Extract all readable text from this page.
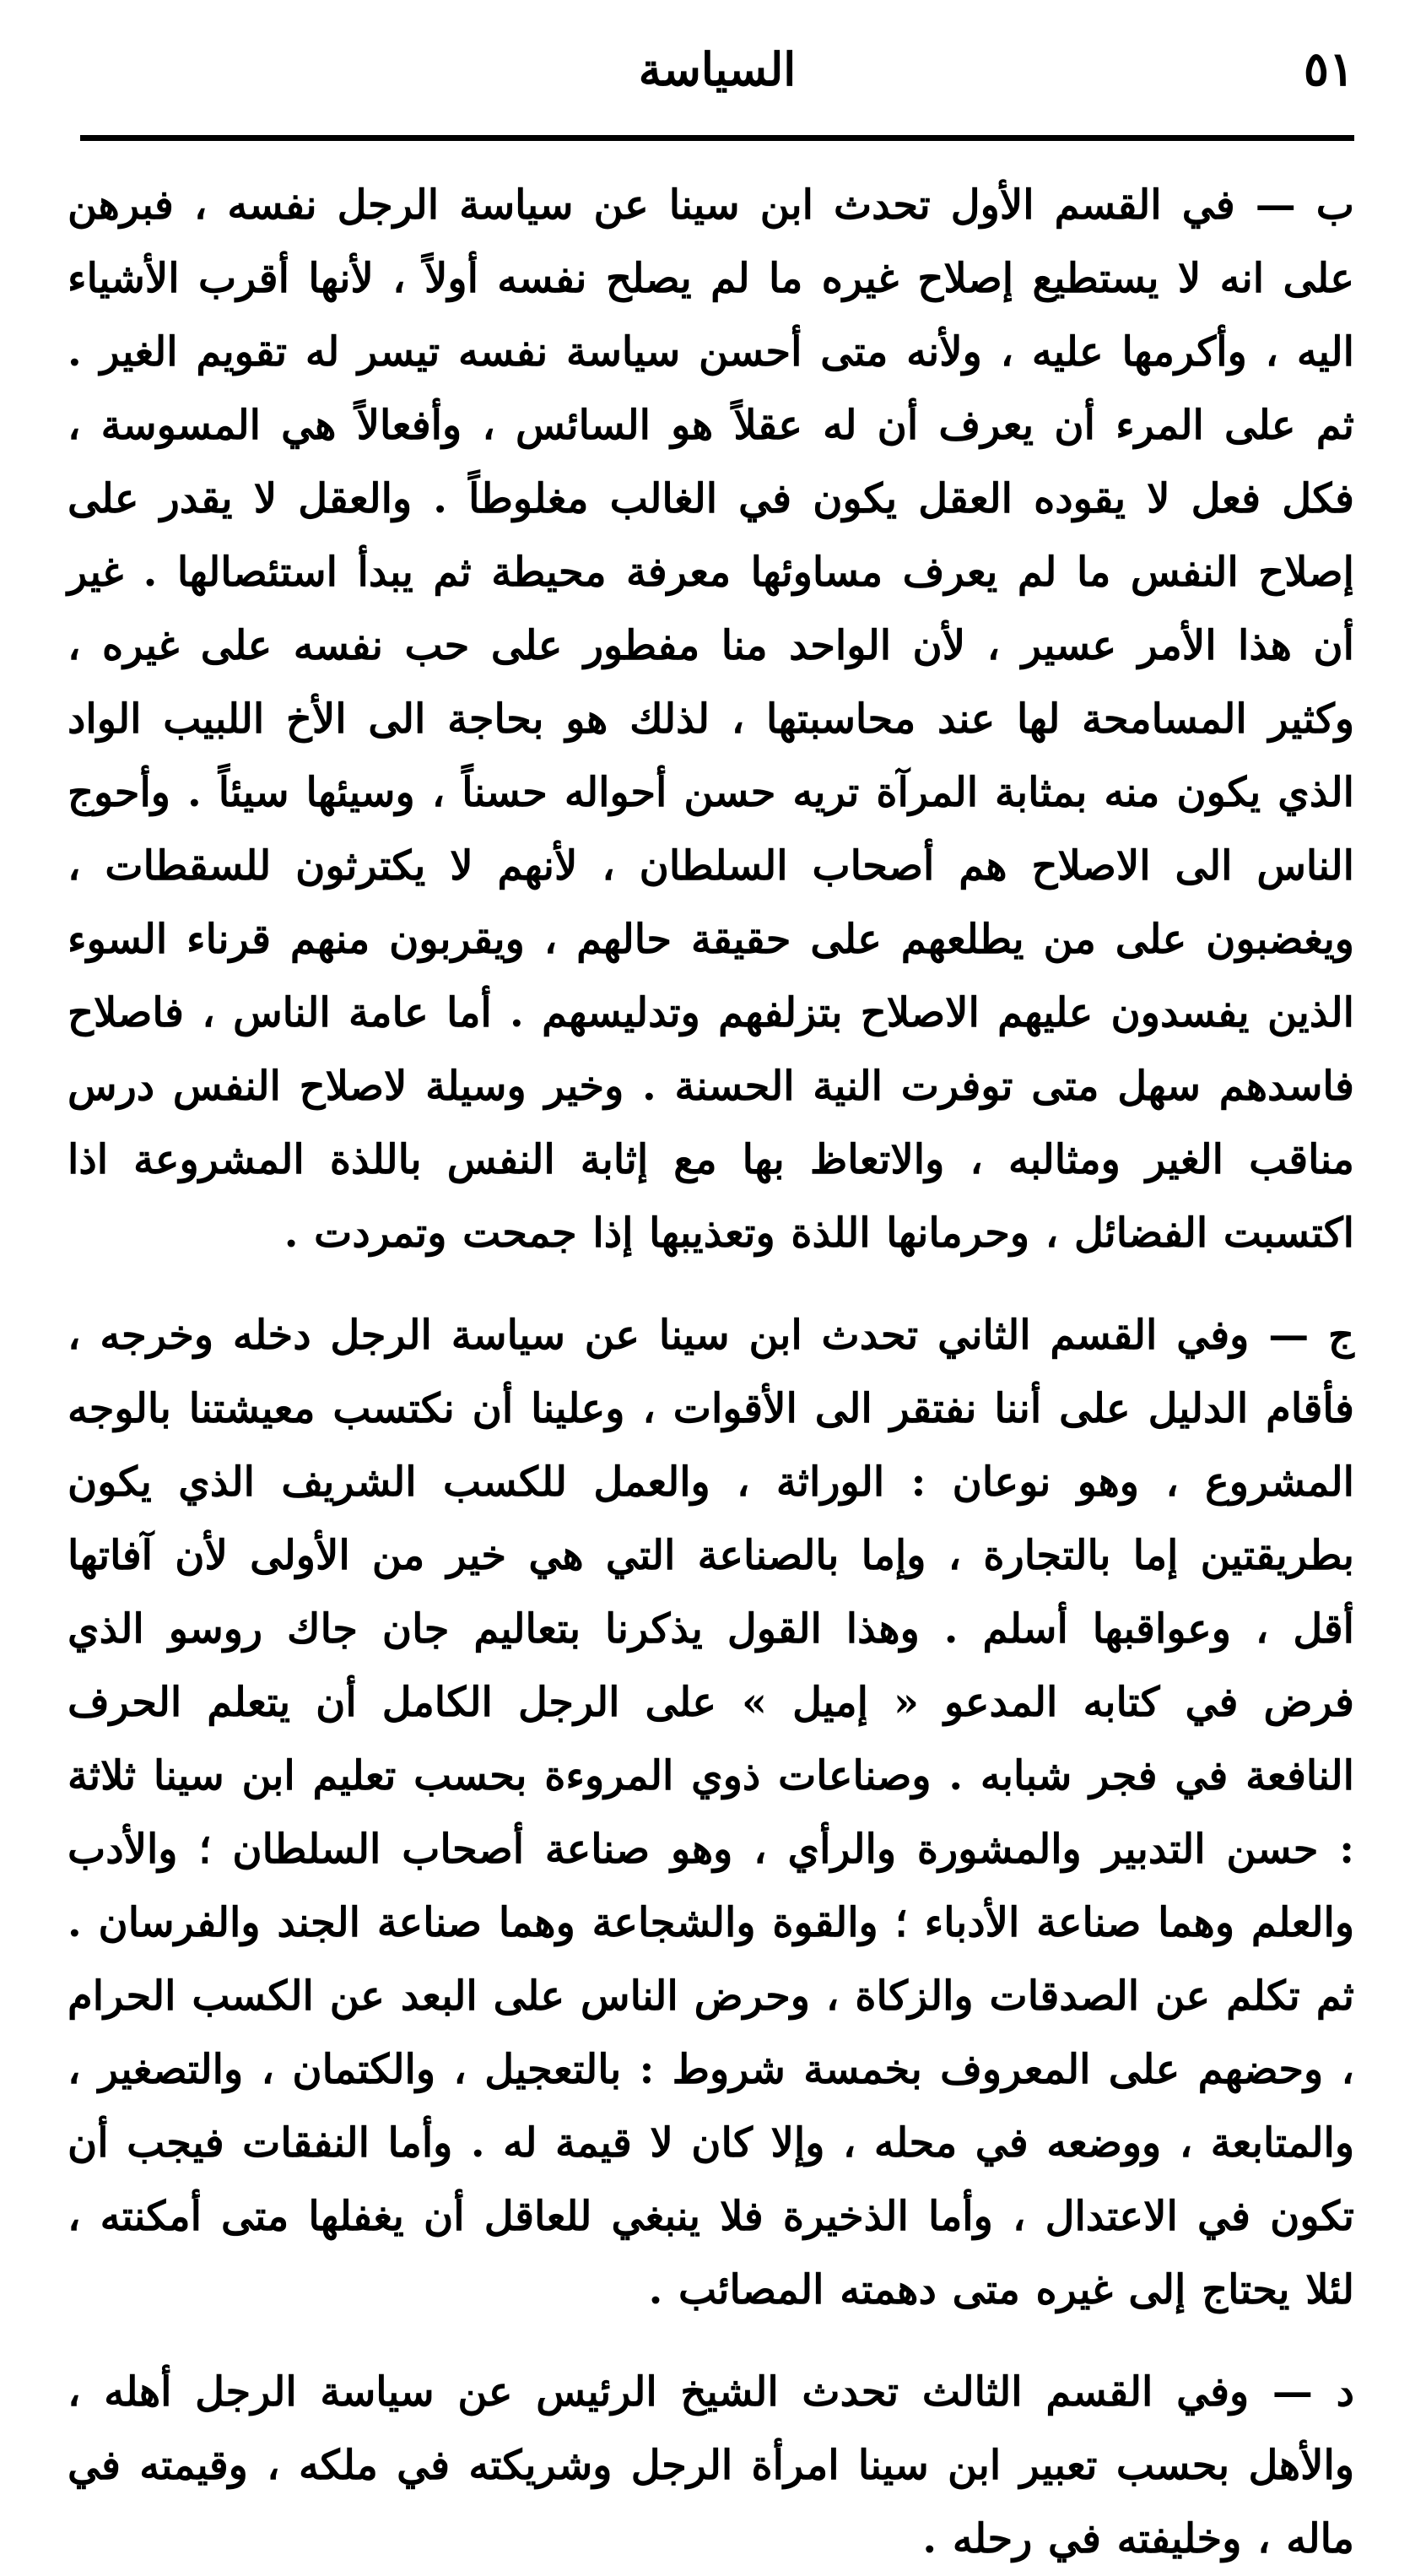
٥١
السياسة

ب — في القسم الأول تحدث ابن سينا عن سياسة الرجل نفسه ، فبرهن على انه لا يستطيع إصلاح غيره ما لم يصلح نفسه أولاً ، لأنها أقرب الأشياء اليه ، وأكرمها عليه ، ولأنه متى أحسن سياسة نفسه تيسر له تقويم الغير . ثم على المرء أن يعرف أن له عقلاً هو السائس ، وأفعالاً هي المسوسة ، فكل فعل لا يقوده العقل يكون في الغالب مغلوطاً . والعقل لا يقدر على إصلاح النفس ما لم يعرف مساوئها معرفة محيطة ثم يبدأ استئصالها . غير أن هذا الأمر عسير ، لأن الواحد منا مفطور على حب نفسه على غيره ، وكثير المسامحة لها عند محاسبتها ، لذلك هو بحاجة الى الأخ اللبيب الواد الذي يكون منه بمثابة المرآة تريه حسن أحواله حسناً ، وسيئها سيئاً . وأحوج الناس الى الاصلاح هم أصحاب السلطان ، لأنهم لا يكترثون للسقطات ، ويغضبون على من يطلعهم على حقيقة حالهم ، ويقربون منهم قرناء السوء الذين يفسدون عليهم الاصلاح بتزلفهم وتدليسهم . أما عامة الناس ، فاصلاح فاسدهم سهل متى توفرت النية الحسنة . وخير وسيلة لاصلاح النفس درس مناقب الغير ومثالبه ، والاتعاظ بها مع إثابة النفس باللذة المشروعة اذا اكتسبت الفضائل ، وحرمانها اللذة وتعذيبها إذا جمحت وتمردت .

ج — وفي القسم الثاني تحدث ابن سينا عن سياسة الرجل دخله وخرجه ، فأقام الدليل على أننا نفتقر الى الأقوات ، وعلينا أن نكتسب معيشتنا بالوجه المشروع ، وهو نوعان : الوراثة ، والعمل للكسب الشريف الذي يكون بطريقتين إما بالتجارة ، وإما بالصناعة التي هي خير من الأولى لأن آفاتها أقل ، وعواقبها أسلم . وهذا القول يذكرنا بتعاليم جان جاك روسو الذي فرض في كتابه المدعو « إميل » على الرجل الكامل أن يتعلم الحرف النافعة في فجر شبابه . وصناعات ذوي المروءة بحسب تعليم ابن سينا ثلاثة : حسن التدبير والمشورة والرأي ، وهو صناعة أصحاب السلطان ؛ والأدب والعلم وهما صناعة الأدباء ؛ والقوة والشجاعة وهما صناعة الجند والفرسان . ثم تكلم عن الصدقات والزكاة ، وحرض الناس على البعد عن الكسب الحرام ، وحضهم على المعروف بخمسة شروط : بالتعجيل ، والكتمان ، والتصغير ، والمتابعة ، ووضعه في محله ، وإلا كان لا قيمة له . وأما النفقات فيجب أن تكون في الاعتدال ، وأما الذخيرة فلا ينبغي للعاقل أن يغفلها متى أمكنته ، لئلا يحتاج إلى غيره متى دهمته المصائب .

د — وفي القسم الثالث تحدث الشيخ الرئيس عن سياسة الرجل أهله ، والأهل بحسب تعبير ابن سينا امرأة الرجل وشريكته في ملكه ، وقيمته في ماله ، وخليفته في رحله .
